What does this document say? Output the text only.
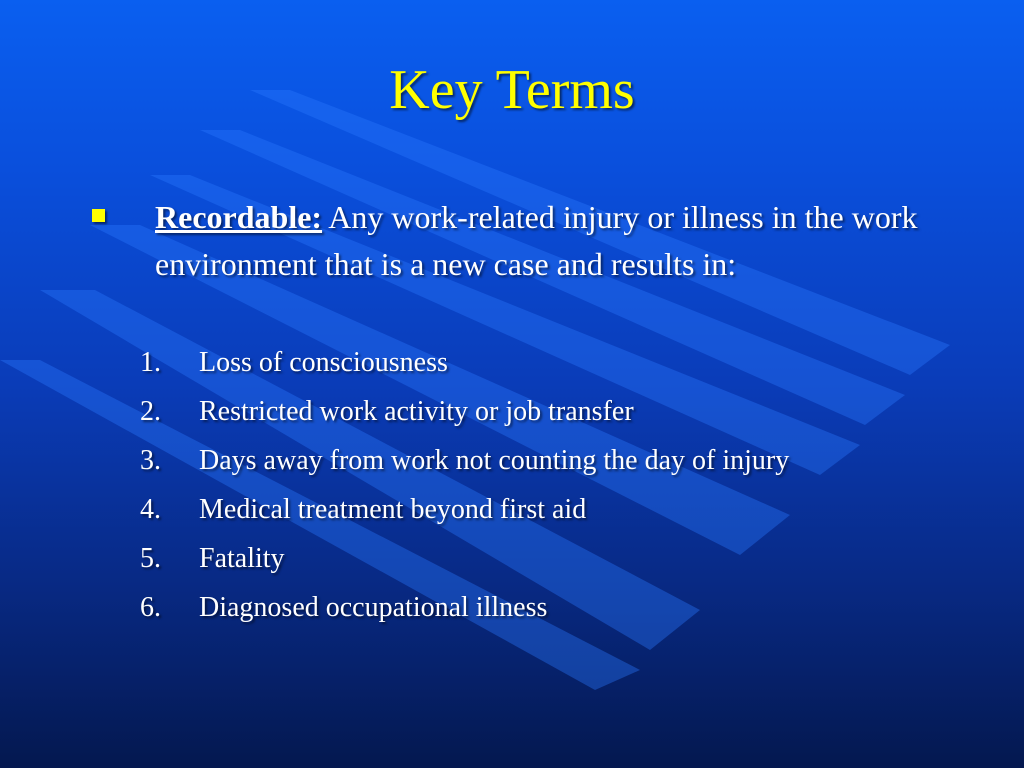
Key Terms
Recordable: Any work-related injury or illness in the work environment that is a new case and results in:
1. Loss of consciousness
2. Restricted work activity or job transfer
3. Days away from work not counting the day of injury
4. Medical treatment beyond first aid
5. Fatality
6. Diagnosed occupational illness
